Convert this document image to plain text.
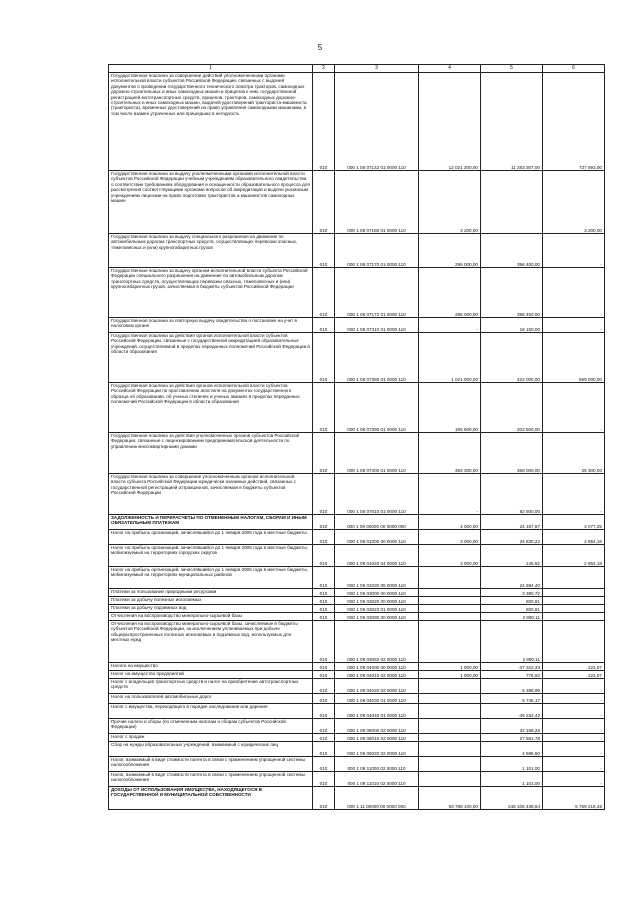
5
1	2	3	4	5	6
Государственная пошлина за совершение действий уполномоченными органами исполнительной власти субъектов Российской Федерации, связанных с выдачей документов о проведении государственного технического осмотра тракторов, самоходных дорожно-строительных и иных самоходных машин и прицепов к ним, государственной регистрацией мототранспортных средств, прицепов, тракторов, самоходных дорожно-строительных и иных самоходных машин, выдачей удостоверений тракториста-машиниста (тракториста), временных удостоверений на право управления самоходными машинами, в том числе взамен утраченных или пришедших в негодность	010	000 1 08 07142 01 0000 110	12 021 300,00	11 283 307,00	737 993,00
Государственная пошлина за выдачу уполномоченными органами исполнительной власти субъектов Российской Федерации учебным учреждениям образовательного свидетельства о соответствии требованиям оборудования и оснащенности образовательного процесса для рассмотрения соответствующими органами вопросов об аккредитации и выдачи указанным учреждениям лицензии на право подготовки трактористов и машинистов самоходных машин	010	000 1 08 07180 01 0000 110	3 200,00		3 200,00
Государственная пошлина за выдачу специального разрешения на движение по автомобильным дорогам транспортных средств, осуществляющих перевозки опасных, тяжеловесных и (или) крупногабаритных грузов	010	000 1 08 07170 01 0000 110	296 000,00	398 400,00	-
Государственная пошлина за выдачу органом исполнительной власти субъекта Российской Федерации специального разрешения на движение по автомобильным дорогам транспортных средств, осуществляющих перевозки опасных, тяжеловесных и (или) крупногабаритных грузов, зачисляемая в бюджеты субъектов Российской Федерации	010	000 1 08 07172 01 0000 110	296 000,00	398 400,00	-
Государственная пошлина за повторную выдачу свидетельства о постановке на учет в налоговом органе	010	000 1 08 07310 01 0000 110	-	18 150,00	-
Государственная пошлина за действия органов исполнительной власти субъектов Российской Федерации, связанные с государственной аккредитацией образовательных учреждений, осуществляемой в пределах переданных полномочий Российской Федерации в области образования	010	000 1 08 07380 01 0000 110	1 021 000,00	422 000,00	599 000,00
Государственная пошлина за действия органов исполнительной власти субъектов Российской Федерации по проставлению апостиля на документах государственного образца об образовании, об ученых степенях и ученых званиях в пределах переданных полномочий Российской Федерации в области образования	010	000 1 08 07390 01 0000 110	195 600,00	202 500,00	-
Государственная пошлина за действия уполномоченных органов субъектов Российской Федерации, связанные с лицензированием предпринимательской деятельности по управлению многоквартирными домами	010	000 1 08 07400 01 0000 110	393 300,00	368 000,00	25 300,00
Государственная пошлина за совершение уполномоченным органом исполнительной власти субъекта Российской Федерации юридически значимых действий, связанных с государственной регистрацией аттракционов, зачисляемая в бюджеты субъектов Российской Федерации	010	000 1 08 07610 01 0000 110	-	82 500,00	-
ЗАДОЛЖЕННОСТЬ И ПЕРЕРАСЧЕТЫ ПО ОТМЕНЕННЫМ НАЛОГАМ, СБОРАМ И ИНЫМ ОБЯЗАТЕЛЬНЫМ ПЛАТЕЖАМ	010	000 1 09 00000 00 0000 000	4 000,00	24 187,87	3 077,25
Налог на прибыль организаций, зачислявшийся до 1 января 2005 года в местные бюджеты	010	000 1 09 01000 00 0000 110	3 000,00	24 830,22	2 854,18
Налог на прибыль организаций, зачислявшийся до 1 января 2005 года в местные бюджеты, мобилизуемый на территориях городских округов	010	000 1 09 01020 04 0000 110	3 000,00	145,82	2 854,18
Налог на прибыль организаций, зачислявшийся до 1 января 2005 года в местные бюджеты, мобилизуемый на территориях муниципальных районов	010	000 1 09 01030 05 0000 110		24 684,40	
Платежи за пользование природными ресурсами	010	000 1 09 03000 00 0000 110		3 390,72	
Платежи за добычу полезных ископаемых	010	000 1 09 03020 00 0000 110		500,61	
Платежи за добычу подземных вод	010	000 1 09 03023 01 0000 110		500,61	
Отчисления на воспроизводство минерально-сырьевой базы	010	000 1 09 03080 00 0000 110		2 890,11	
Отчисления на воспроизводство минерально-сырьевой базы, зачисляемые в бюджеты субъектов Российской Федерации, за исключением уплачиваемых при добыче общераспространенных полезных ископаемых и подземных вод, используемых для местных нужд	010	000 1 09 03082 02 0000 110		2 890,11	
Налоги на имущество	010	000 1 09 04000 00 0000 110	1 000,00	-37 322,33	223,07
Налог на имущество предприятий	010	000 1 09 04010 02 0000 110	1 000,00	776,93	223,07
Налог с владельцев транспортных средств и налог на приобретение автотранспортных средств	010	000 1 09 04020 02 0000 110		5 386,99	-
Налог на пользователей автомобильных дорог	010	000 1 09 04030 01 0000 110		5 746,17	-
Налог с имущества, переходящего в порядке наследования или дарения	010	000 1 09 04040 01 0000 110		-49 232,42	-
Прочие налоги и сборы (по отмененным налогам и сборам субъектов Российской Федерации)	010	000 1 09 06000 02 0000 110		32 168,28	-
Налог с продаж	010	000 1 09 06010 02 0000 110		27 581,78	-
Сбор на нужды образовательных учреждений, взимаемый с юридических лиц	010	000 1 09 06020 02 0000 110		4 586,50	-
Налог, взимаемый в виде стоимости патента в связи с применением упрощенной системы налогообложения	010	000 1 09 11000 02 0000 110		1 101,00	-
Налог, взимаемый в виде стоимости патента в связи с применением упрощенной системы налогообложения	010	000 1 09 11010 02 0000 110		1 101,00	-
ДОХОДЫ ОТ ИСПОЛЬЗОВАНИЯ ИМУЩЕСТВА, НАХОДЯЩЕГОСЯ В ГОСУДАРСТВЕННОЙ И МУНИЦИПАЛЬНОЙ СОБСТВЕННОСТИ	010	000 1 11 00000 00 0000 000	63 788 100,00	248 105 438,84	5 759 218,46
